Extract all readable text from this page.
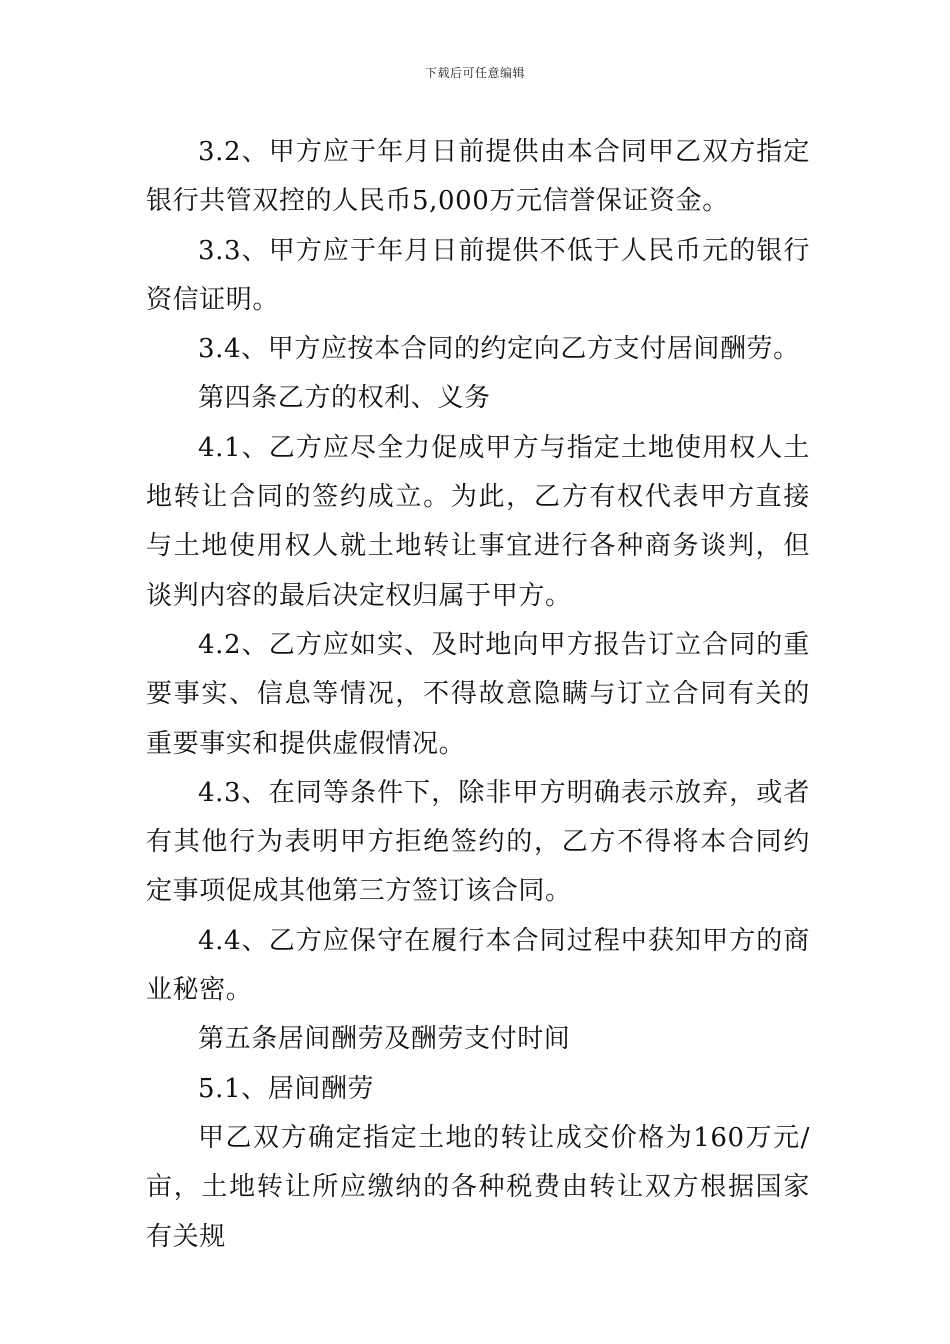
下载后可任意编辑

3.2、甲方应于年月日前提供由本合同甲乙双方指定银行共管双控的人民币5,000万元信誉保证资金。

3.3、甲方应于年月日前提供不低于人民币元的银行资信证明。

3.4、甲方应按本合同的约定向乙方支付居间酬劳。

第四条乙方的权利、义务

4.1、乙方应尽全力促成甲方与指定土地使用权人土地转让合同的签约成立。为此，乙方有权代表甲方直接与土地使用权人就土地转让事宜进行各种商务谈判，但谈判内容的最后决定权归属于甲方。

4.2、乙方应如实、及时地向甲方报告订立合同的重要事实、信息等情况，不得故意隐瞒与订立合同有关的重要事实和提供虚假情况。

4.3、在同等条件下，除非甲方明确表示放弃，或者有其他行为表明甲方拒绝签约的，乙方不得将本合同约定事项促成其他第三方签订该合同。

4.4、乙方应保守在履行本合同过程中获知甲方的商业秘密。

第五条居间酬劳及酬劳支付时间

5.1、居间酬劳

甲乙双方确定指定土地的转让成交价格为160万元/亩，土地转让所应缴纳的各种税费由转让双方根据国家有关规
